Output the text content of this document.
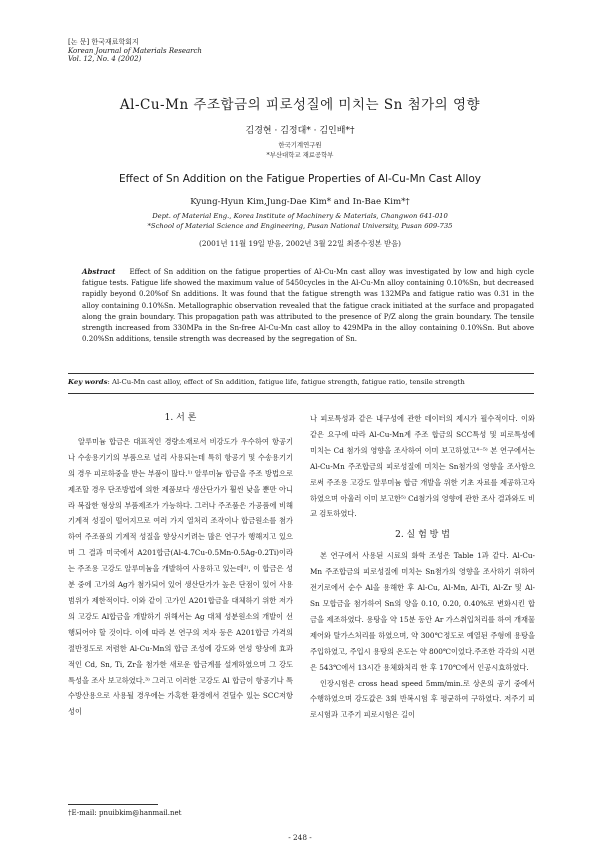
[논 문] 한국재료학회지
Korean Journal of Materials Research
Vol. 12, No. 4 (2002)
Al-Cu-Mn 주조합금의 피로성질에 미치는 Sn 첨가의 영향
김경현 · 김정대* · 김인배*†
한국기계연구원
*부산대학교 재료공학부
Effect of Sn Addition on the Fatigue Properties of Al-Cu-Mn Cast Alloy
Kyung-Hyun Kim,Jung-Dae Kim* and In-Bae Kim*†
Dept. of Material Eng., Korea Institute of Machinery & Materials, Changwon 641-010
*School of Material Science and Engineering, Pusan National University, Pusan 609-735
(2001년 11월 19일 받음, 2002년 3월 22일 최종수정본 받음)
Abstract Effect of Sn addition on the fatigue properties of Al-Cu-Mn cast alloy was investigated by low and high cycle fatigue tests. Fatigue life showed the maximum value of 5450cycles in the Al-Cu-Mn alloy containing 0.10%Sn, but decreased rapidly beyond 0.20%of Sn additions. It was found that the fatigue strength was 132MPa and fatigue ratio was 0.31 in the alloy containing 0.10%Sn. Metallographic observation revealed that the fatigue crack initiated at the surface and propagated along the grain boundary. This propagation path was attributed to the presence of P/Z along the grain boundary. The tensile strength increased from 330MPa in the Sn-free Al-Cu-Mn cast alloy to 429MPa in the alloy containing 0.10%Sn. But above 0.20%Sn additions, tensile strength was decreased by the segregation of Sn.
Key words: Al-Cu-Mn cast alloy, effect of Sn addition, fatigue life, fatigue strength, fatigue ratio, tensile strength
1. 서 론

알루미늄 합금은 대표적인 경량소재로서 비강도가 우수하여 항공기나 수송용기기의 부품으로 널리 사용되는데 특히 항공기 및 수송용기기의 경우 피로하중을 받는 부품이 많다.¹⁾ 알루미늄 합금을 주조 방법으로 제조할 경우 단조방법에 의한 제품보다 생산단가가 훨씬 낮을 뿐만 아니라 복잡한 형상의 부품제조가 가능하다. 그러나 주조품은 가공품에 비해 기계적 성질이 떨어지므로 여러 가지 열처리 조작이나 합금원소를 첨가하여 주조품의 기계적 성질을 향상시키려는 많은 연구가 행해지고 있으며 그 결과 미국에서 A201합금(Al-4.7Cu-0.5Mn-0.5Ag-0.2Ti)이라는 주조용 고강도 알루미늄을 개발하여 사용하고 있는데²⁾, 이 합금은 성분 중에 고가의 Ag가 첨가되어 있어 생산단가가 높은 단점이 있어 사용범위가 제한적이다. 이와 같이 고가인 A201합금을 대체하기 위한 저가의 고강도 Al합금을 개발하기 위해서는 Ag 대체 성분원소의 개발이 선행되어야 할 것이다. 이에 따라 본 연구의 저자 등은 A201합금 가격의 절반정도로 저렴한 Al-Cu-Mn의 합금 조성에 강도와 연성 향상에 효과적인 Cd, Sn, Ti, Zr을 첨가한 새로운 합금계를 설계하였으며 그 강도특성을 조사 보고하였다.³⁾ 그러고 이러한 고강도 Al 합금이 항공기나 특수방산용으로 사용될 경우에는 가혹한 환경에서 견딜수 있는 SCC저항성이

나 피로특성과 같은 내구성에 관한 데이터의 제시가 필수적이다. 이와 같은 요구에 따라 Al-Cu-Mn계 주조 합금의 SCC특성 및 피로특성에 미치는 Cd 첨가의 영향을 조사하여 이미 보고하였고⁴⁻⁵⁾ 본 연구에서는 Al-Cu-Mn 주조합금의 피로성질에 미치는 Sn첨가의 영향을 조사함으로써 주조용 고강도 알루미늄 합금 개발을 위한 기초 자료를 제공하고자 하였으며 아울러 이미 보고한⁵⁾ Cd첨가의 영향에 관한 조사 결과와도 비교 검토하였다.

2. 실 험 방 법

본 연구에서 사용된 시료의 화학 조성은 Table 1과 같다. Al-Cu-Mn 주조합금의 피로성질에 미치는 Sn첨가의 영향을 조사하기 위하여 전기로에서 순수 Al을 용해한 후 Al-Cu, Al-Mn, Al-Ti, Al-Zr 및 Al-Sn 모합금을 첨가하여 Sn의 양을 0.10, 0.20, 0.40%로 변화시킨 합금을 제조하였다. 용탕을 약 15분 동안 Ar 가스취입처리를 하여 개재물 제어와 탈가스처리를 하였으며, 약 300℃정도로 예열된 주형에 용탕을 주입하였고, 주입시 용탕의 온도는 약 800℃이었다.주조한 각각의 시편은 543℃에서 13시간 용체화처리 한 후 170℃에서 인공시효하였다.

인장시험은 cross head speed 5mm/min.로 상온의 공기 중에서 수행하였으며 강도값은 3회 반복시험 후 평균하여 구하였다. 저주기 피로시험과 고주기 피로시험은 길이

†E-mail: pnuibkim@hanmail.net
- 248 -
